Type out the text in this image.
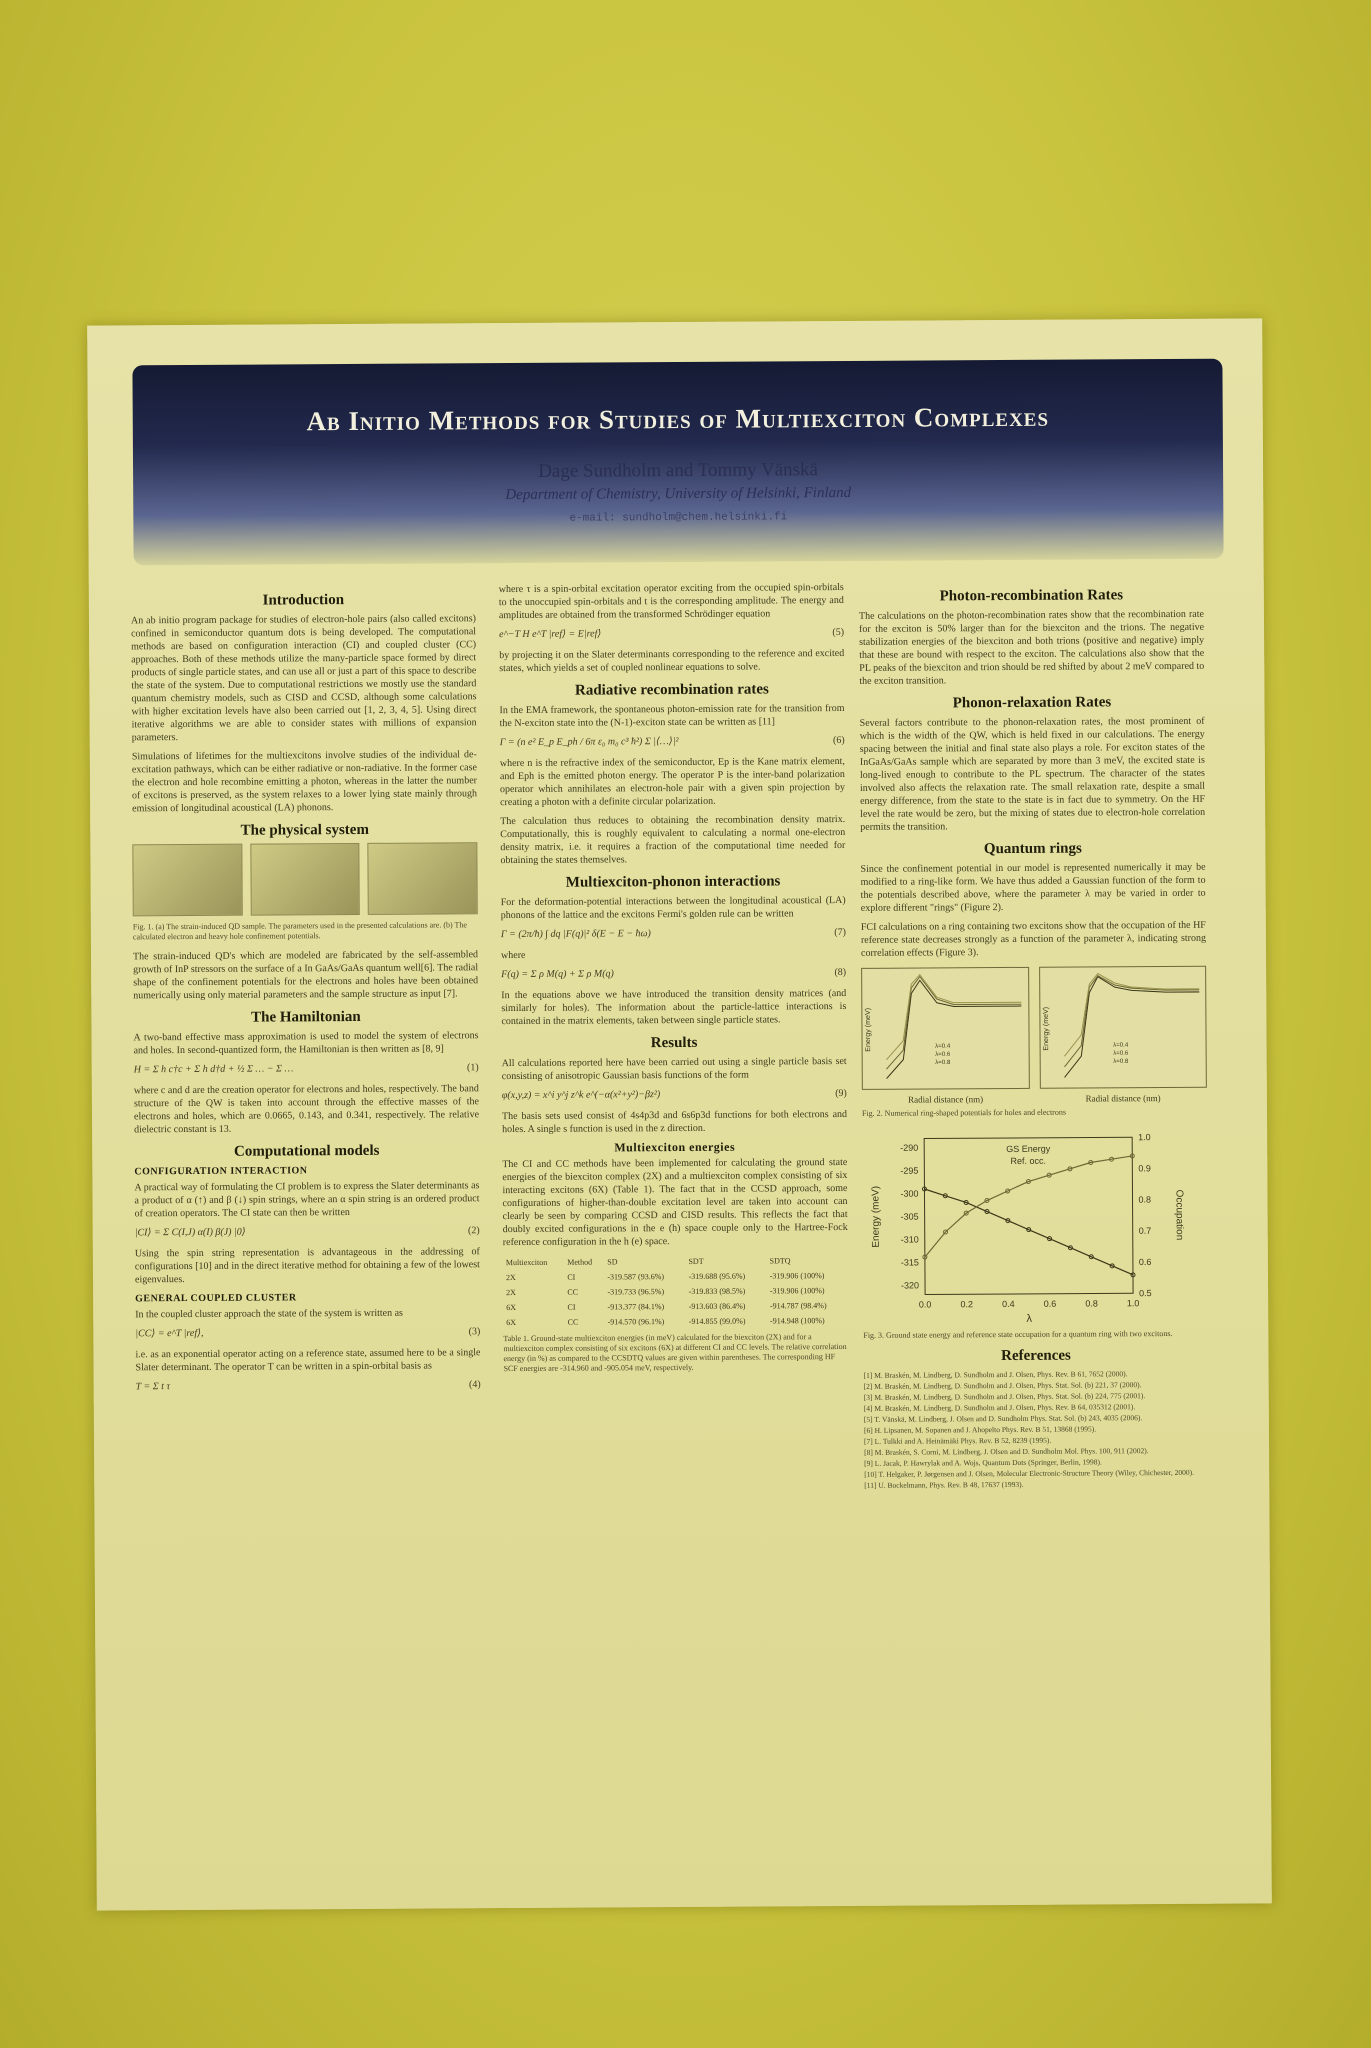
Ab Initio Methods for Studies of Multiexciton Complexes
Dage Sundholm and Tommy Vänskä
Department of Chemistry, University of Helsinki, Finland
e-mail: sundholm@chem.helsinki.fi
Introduction

An ab initio program package for studies of electron-hole pairs (also called excitons) confined in semiconductor quantum dots is being developed. The computational methods are based on configuration interaction (CI) and coupled cluster (CC) approaches. Both of these methods utilize the many-particle space formed by direct products of single particle states, and can use all or just a part of this space to describe the state of the system. Due to computational restrictions we mostly use the standard quantum chemistry models, such as CISD and CCSD, although some calculations with higher excitation levels have also been carried out [1, 2, 3, 4, 5]. Using direct iterative algorithms we are able to consider states with millions of expansion parameters.

Simulations of lifetimes for the multiexcitons involve studies of the individual de-excitation pathways, which can be either radiative or non-radiative. In the former case the electron and hole recombine emitting a photon, whereas in the latter the number of excitons is preserved, as the system relaxes to a lower lying state mainly through emission of longitudinal acoustical (LA) phonons.

The physical system
Fig. 1. (a) The strain-induced QD sample. The parameters used in the presented calculations are. (b) The calculated electron and heavy hole confinement potentials.

The strain-induced QD's which are modeled are fabricated by the self-assembled growth of InP stressors on the surface of a In GaAs/GaAs quantum well[6]. The radial shape of the confinement potentials for the electrons and holes have been obtained numerically using only material parameters and the sample structure as input [7].

The Hamiltonian

A two-band effective mass approximation is used to model the system of electrons and holes. In second-quantized form, the Hamiltonian is then written as [8, 9]

H = Σ h c†c + Σ h d†d + ½ Σ … − Σ …	(1)

where c and d are the creation operator for electrons and holes, respectively. The band structure of the QW is taken into account through the effective masses of the electrons and holes, which are 0.0665, 0.143, and 0.341, respectively. The relative dielectric constant is 13.

Computational models
CONFIGURATION INTERACTION

A practical way of formulating the CI problem is to express the Slater determinants as a product of α (↑) and β (↓) spin strings, where an α spin string is an ordered product of creation operators. The CI state can then be written

|CI⟩ = Σ C(I,J) α(I) β(J) |0⟩	(2)

Using the spin string representation is advantageous in the addressing of configurations [10] and in the direct iterative method for obtaining a few of the lowest eigenvalues.

GENERAL COUPLED CLUSTER

In the coupled cluster approach the state of the system is written as

|CC⟩ = e^T |ref⟩,	(3)

i.e. as an exponential operator acting on a reference state, assumed here to be a single Slater determinant. The operator T can be written in a spin-orbital basis as

T = Σ t τ	(4)

where τ is a spin-orbital excitation operator exciting from the occupied spin-orbitals to the unoccupied spin-orbitals and t is the corresponding amplitude. The energy and amplitudes are obtained from the transformed Schrödinger equation

e^−T H e^T |ref⟩ = E|ref⟩	(5)

by projecting it on the Slater determinants corresponding to the reference and excited states, which yields a set of coupled nonlinear equations to solve.

Radiative recombination rates

In the EMA framework, the spontaneous photon-emission rate for the transition from the N-exciton state into the (N-1)-exciton state can be written as [11]

Γ = (n e² E_p E_ph / 6π ε₀ m₀ c³ ħ²) Σ |⟨…⟩|²	(6)

where n is the refractive index of the semiconductor, Ep is the Kane matrix element, and Eph is the emitted photon energy. The operator P is the inter-band polarization operator which annihilates an electron-hole pair with a given spin projection by creating a photon with a definite circular polarization.

The calculation thus reduces to obtaining the recombination density matrix. Computationally, this is roughly equivalent to calculating a normal one-electron density matrix, i.e. it requires a fraction of the computational time needed for obtaining the states themselves.

Multiexciton-phonon interactions

For the deformation-potential interactions between the longitudinal acoustical (LA) phonons of the lattice and the excitons Fermi's golden rule can be written

Γ = (2π/ħ) ∫ dq |F(q)|² δ(E − E − ħω)	(7)

where

F(q) = Σ ρ M(q) + Σ ρ M(q)	(8)

In the equations above we have introduced the transition density matrices (and similarly for holes). The information about the particle-lattice interactions is contained in the matrix elements, taken between single particle states.

Results

All calculations reported here have been carried out using a single particle basis set consisting of anisotropic Gaussian basis functions of the form

φ(x,y,z) = x^i y^j z^k e^(−α(x²+y²)−βz²)	(9)

The basis sets used consist of 4s4p3d and 6s6p3d functions for both electrons and holes. A single s function is used in the z direction.

Multiexciton energies

The CI and CC methods have been implemented for calculating the ground state energies of the biexciton complex (2X) and a multiexciton complex consisting of six interacting excitons (6X) (Table 1). The fact that in the CCSD approach, some configurations of higher-than-double excitation level are taken into account can clearly be seen by comparing CCSD and CISD results. This reflects the fact that doubly excited configurations in the e (h) space couple only to the Hartree-Fock reference configuration in the h (e) space.

Multiexciton	Method	SD	SDT	SDTQ
2X	CI	-319.587 (93.6%)	-319.688 (95.6%)	-319.906 (100%)
2X	CC	-319.733 (96.5%)	-319.833 (98.5%)	-319.906 (100%)
6X	CI	-913.377 (84.1%)	-913.603 (86.4%)	-914.787 (98.4%)
6X	CC	-914.570 (96.1%)	-914.855 (99.0%)	-914.948 (100%)
Table 1. Ground-state multiexciton energies (in meV) calculated for the biexciton (2X) and for a multiexciton complex consisting of six excitons (6X) at different CI and CC levels. The relative correlation energy (in %) as compared to the CCSDTQ values are given within parentheses. The corresponding HF SCF energies are -314.960 and -905.054 meV, respectively.
Photon-recombination Rates

The calculations on the photon-recombination rates show that the recombination rate for the exciton is 50% larger than for the biexciton and the trions. The negative stabilization energies of the biexciton and both trions (positive and negative) imply that these are bound with respect to the exciton. The calculations also show that the PL peaks of the biexciton and trion should be red shifted by about 2 meV compared to the exciton transition.

Phonon-relaxation Rates

Several factors contribute to the phonon-relaxation rates, the most prominent of which is the width of the QW, which is held fixed in our calculations. The energy spacing between the initial and final state also plays a role. For exciton states of the InGaAs/GaAs sample which are separated by more than 3 meV, the excited state is long-lived enough to contribute to the PL spectrum. The character of the states involved also affects the relaxation rate. The small relaxation rate, despite a small energy difference, from the state to the state is in fact due to symmetry. On the HF level the rate would be zero, but the mixing of states due to electron-hole correlation permits the transition.

Quantum rings

Since the confinement potential in our model is represented numerically it may be modified to a ring-like form. We have thus added a Gaussian function of the form to the potentials described above, where the parameter λ may be varied in order to explore different "rings" (Figure 2).

FCI calculations on a ring containing two excitons show that the occupation of the HF reference state decreases strongly as a function of the parameter λ, indicating strong correlation effects (Figure 3).

Energy (meV)	λ=0.4
λ=0.6
λ=0.8
Energy (meV)	λ=0.4
λ=0.6
λ=0.8
Radial distance (nm)	Radial distance (nm)
Fig. 2. Numerical ring-shaped potentials for holes and electrons
0.0	0.2	0.4	0.6	0.8	1.0
-290
-295
-300
-305
-310
-315
-320
1.0
0.9
0.8
0.7
0.6
0.5
λ
Energy (meV)	Occupation
GS Energy
Ref. occ.
Fig. 3. Ground state energy and reference state occupation for a quantum ring with two excitons.
References

[1] M. Braskén, M. Lindberg, D. Sundholm and J. Olsen, Phys. Rev. B 61, 7652 (2000).

[2] M. Braskén, M. Lindberg, D. Sundholm and J. Olsen, Phys. Stat. Sol. (b) 221, 37 (2000).

[3] M. Braskén, M. Lindberg, D. Sundholm and J. Olsen, Phys. Stat. Sol. (b) 224, 775 (2001).

[4] M. Braskén, M. Lindberg, D. Sundholm and J. Olsen, Phys. Rev. B 64, 035312 (2001).

[5] T. Vänskä, M. Lindberg, J. Olsen and D. Sundholm Phys. Stat. Sol. (b) 243, 4035 (2006).

[6] H. Lipsanen, M. Sopanen and J. Ahopelto Phys. Rev. B 51, 13868 (1995).

[7] L. Tulkki and A. Heinämäki Phys. Rev. B 52, 8239 (1995).

[8] M. Braskén, S. Corni, M. Lindberg, J. Olsen and D. Sundholm Mol. Phys. 100, 911 (2002).

[9] L. Jacak, P. Hawrylak and A. Wojs, Quantum Dots (Springer, Berlin, 1998).

[10] T. Helgaker, P. Jørgensen and J. Olsen, Molecular Electronic-Structure Theory (Wiley, Chichester, 2000).

[11] U. Bockelmann, Phys. Rev. B 48, 17637 (1993).
